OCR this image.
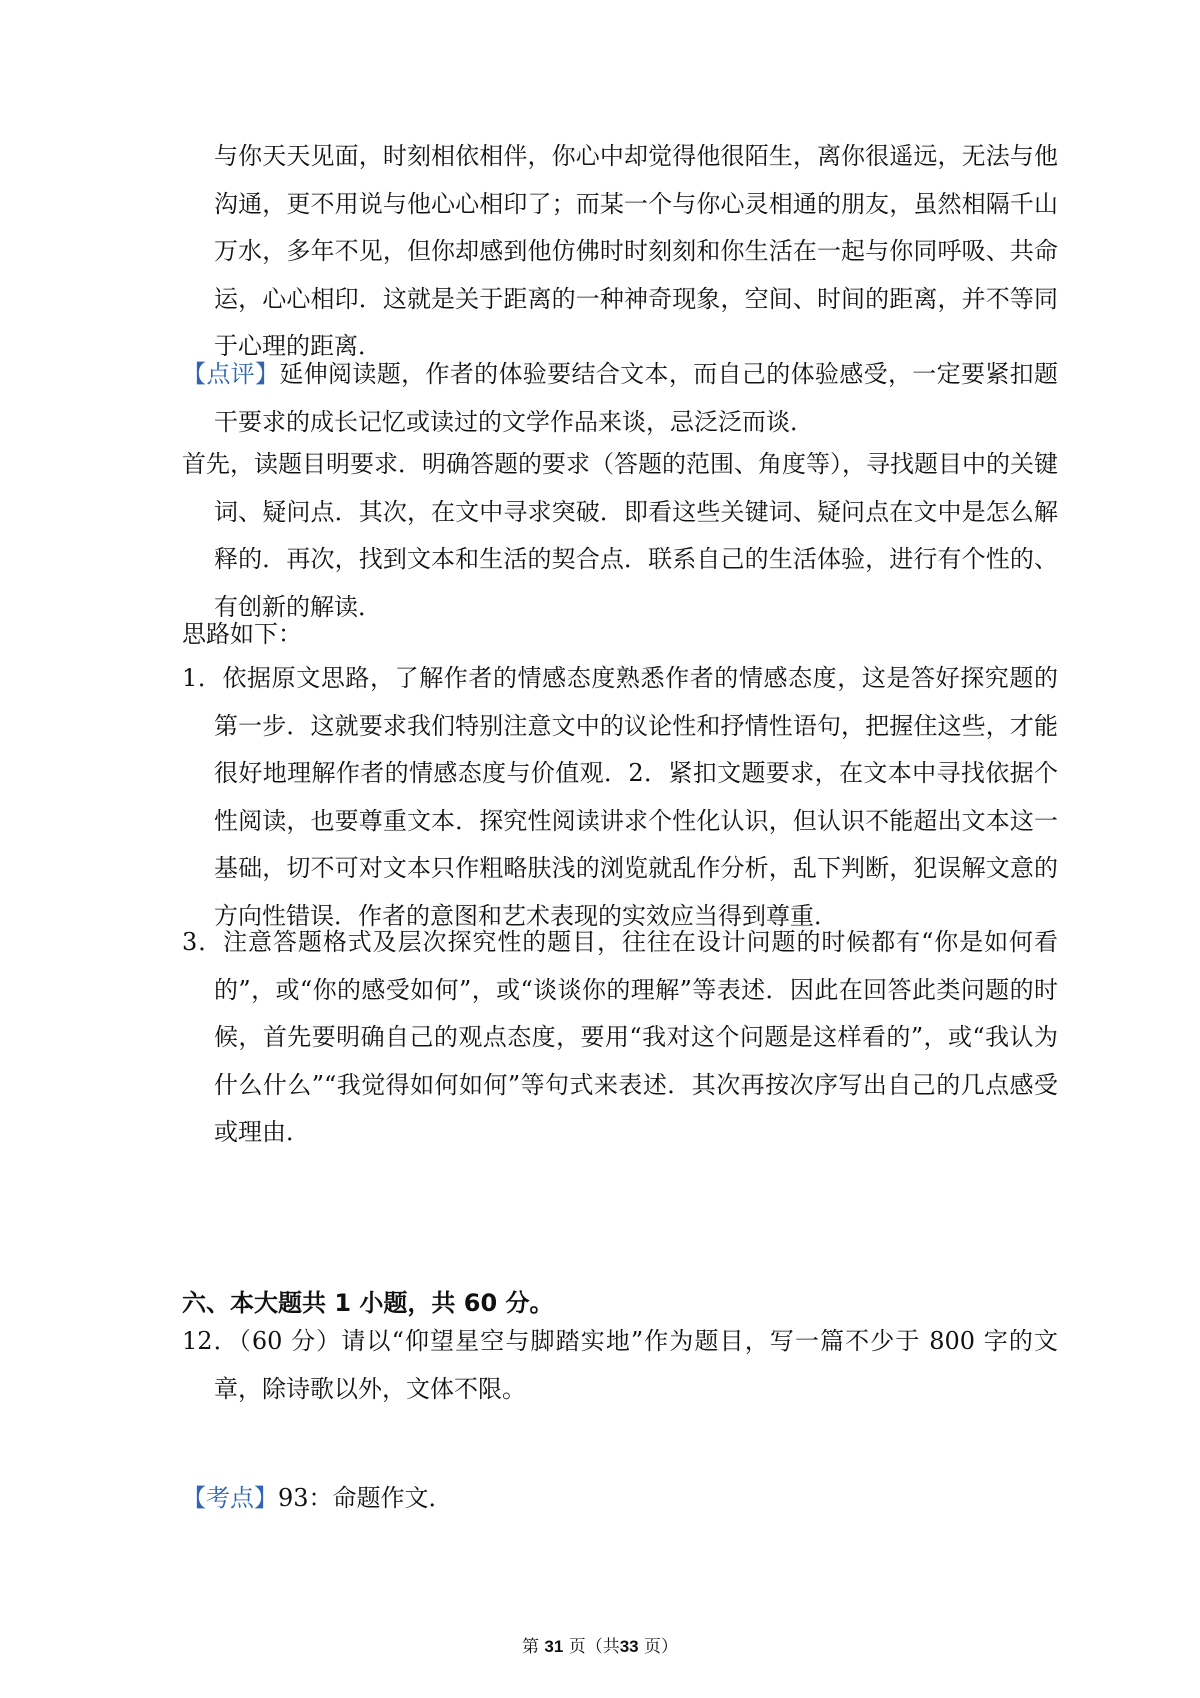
与你天天见面，时刻相依相伴，你心中却觉得他很陌生，离你很遥远，无法与他沟通，更不用说与他心心相印了；而某一个与你心灵相通的朋友，虽然相隔千山万水，多年不见，但你却感到他仿佛时时刻刻和你生活在一起与你同呼吸、共命运，心心相印．这就是关于距离的一种神奇现象，空间、时间的距离，并不等同于心理的距离．
【点评】延伸阅读题，作者的体验要结合文本，而自己的体验感受，一定要紧扣题干要求的成长记忆或读过的文学作品来谈，忌泛泛而谈．
首先，读题目明要求．明确答题的要求（答题的范围、角度等），寻找题目中的关键词、疑问点．其次，在文中寻求突破．即看这些关键词、疑问点在文中是怎么解释的．再次，找到文本和生活的契合点．联系自己的生活体验，进行有个性的、有创新的解读．
思路如下：
1．依据原文思路，了解作者的情感态度熟悉作者的情感态度，这是答好探究题的第一步．这就要求我们特别注意文中的议论性和抒情性语句，把握住这些，才能很好地理解作者的情感态度与价值观．2．紧扣文题要求，在文本中寻找依据个性阅读，也要尊重文本．探究性阅读讲求个性化认识，但认识不能超出文本这一基础，切不可对文本只作粗略肤浅的浏览就乱作分析，乱下判断，犯误解文意的方向性错误．作者的意图和艺术表现的实效应当得到尊重．
3．注意答题格式及层次探究性的题目，往往在设计问题的时候都有“你是如何看的”，或“你的感受如何”，或“谈谈你的理解”等表述．因此在回答此类问题的时候，首先要明确自己的观点态度，要用“我对这个问题是这样看的”，或“我认为什么什么”“我觉得如何如何”等句式来表述．其次再按次序写出自己的几点感受或理由．
六、本大题共 1 小题，共 60 分。
12．（60 分）请以“仰望星空与脚踏实地”作为题目，写一篇不少于 800 字的文章，除诗歌以外，文体不限。
【考点】93：命题作文．
第 31 页（共33 页）
